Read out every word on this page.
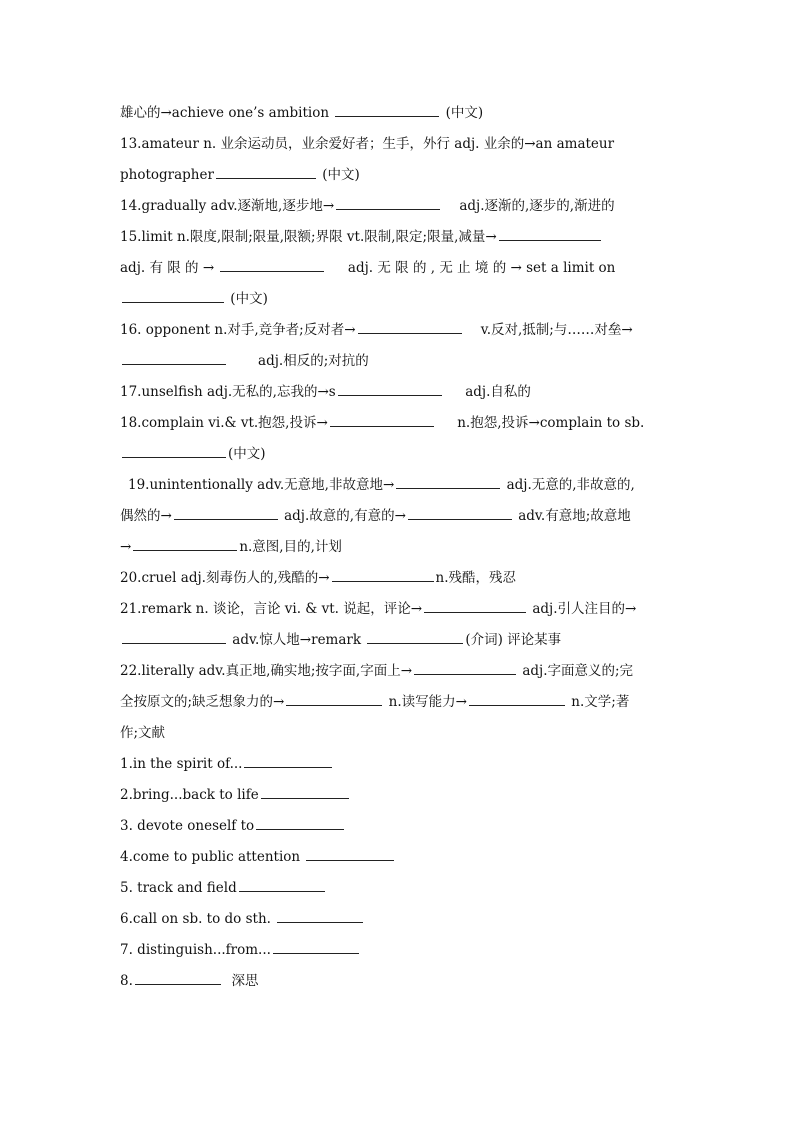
雄心的→achieve one’s ambition	(中文)
13.amateur n. 业余运动员，业余爱好者；生手，外行 adj. 业余的→an amateur
photographer	(中文)
14.gradually adv.逐渐地,逐步地→	adj.逐渐的,逐步的,渐进的
15.limit n.限度,限制;限量,限额;界限 vt.限制,限定;限量,减量→
adj. 有 限 的 →	adj. 无 限 的 , 无 止 境 的 → set a limit on
(中文)
16. opponent n.对手,竞争者;反对者→	v.反对,抵制;与……对垒→
adj.相反的;对抗的
17.unselfish adj.无私的,忘我的→s	adj.自私的
18.complain vi.& vt.抱怨,投诉→	n.抱怨,投诉→complain to sb.
(中文)
19.unintentionally adv.无意地,非故意地→	adj.无意的,非故意的,
偶然的→	adj.故意的,有意的→	adv.有意地;故意地
→	n.意图,目的,计划
20.cruel adj.刻毒伤人的,残酷的→	n.残酷，残忍
21.remark n. 谈论，言论 vi. & vt. 说起，评论→	adj.引人注目的→
adv.惊人地→remark	(介词) 评论某事
22.literally adv.真正地,确实地;按字面,字面上→	adj.字面意义的;完
全按原文的;缺乏想象力的→	n.读写能力→	n.文学;著
作;文献
1.in the spirit of...
2.bring...back to life
3. devote oneself to
4.come to public attention
5. track and field
6.call on sb. to do sth.
7. distinguish...from...
8.	深思
